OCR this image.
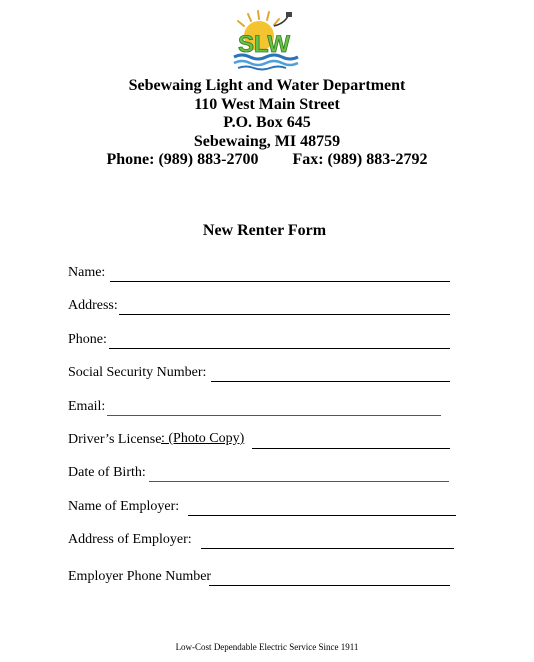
SLW
Sebewaing Light and Water Department
110 West Main Street
P.O. Box 645
Sebewaing, MI 48759
Phone: (989) 883-2700 Fax: (989) 883-2792
New Renter Form
Name:
Address:
Phone:
Social Security Number:
Email:
Driver’s License : (Photo Copy)
Date of Birth:
Name of Employer:
Address of Employer:
Employer Phone Number
Low-Cost Dependable Electric Service Since 1911
